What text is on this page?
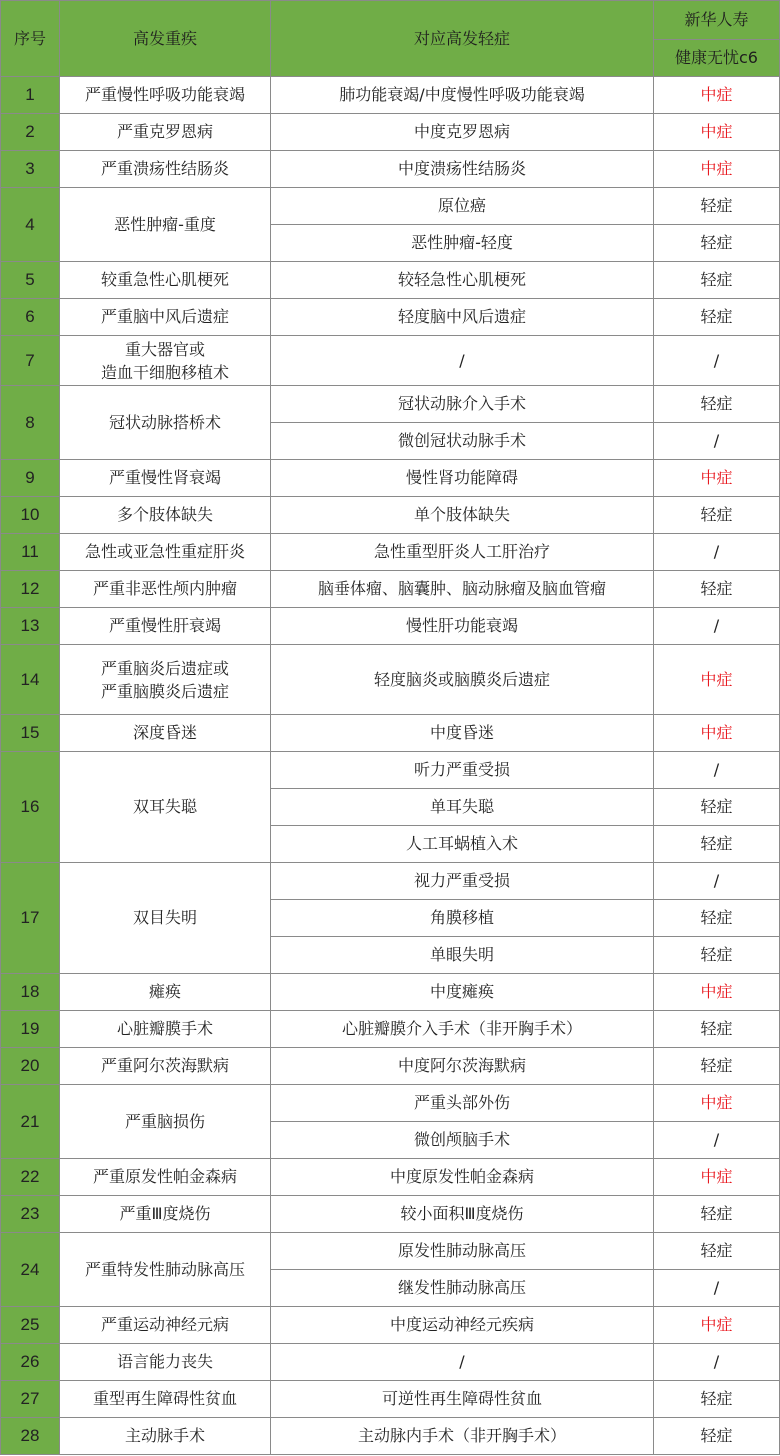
序号	高发重疾	对应高发轻症	新华人寿
			健康无忧c6
1	严重慢性呼吸功能衰竭	肺功能衰竭/中度慢性呼吸功能衰竭	中症
2	严重克罗恩病	中度克罗恩病	中症
3	严重溃疡性结肠炎	中度溃疡性结肠炎	中症
4	恶性肿瘤-重度	原位癌	轻症
		恶性肿瘤-轻度	轻症
5	较重急性心肌梗死	较轻急性心肌梗死	轻症
6	严重脑中风后遗症	轻度脑中风后遗症	轻症
7	重大器官或
造血干细胞移植术	/	/
8	冠状动脉搭桥术	冠状动脉介入手术	轻症
		微创冠状动脉手术	/
9	严重慢性肾衰竭	慢性肾功能障碍	中症
10	多个肢体缺失	单个肢体缺失	轻症
11	急性或亚急性重症肝炎	急性重型肝炎人工肝治疗	/
12	严重非恶性颅内肿瘤	脑垂体瘤、脑囊肿、脑动脉瘤及脑血管瘤	轻症
13	严重慢性肝衰竭	慢性肝功能衰竭	/
14	严重脑炎后遗症或
严重脑膜炎后遗症	轻度脑炎或脑膜炎后遗症	中症
15	深度昏迷	中度昏迷	中症
16	双耳失聪	听力严重受损	/
		单耳失聪	轻症
		人工耳蜗植入术	轻症
17	双目失明	视力严重受损	/
		角膜移植	轻症
		单眼失明	轻症
18	瘫痪	中度瘫痪	中症
19	心脏瓣膜手术	心脏瓣膜介入手术（非开胸手术）	轻症
20	严重阿尔茨海默病	中度阿尔茨海默病	轻症
21	严重脑损伤	严重头部外伤	中症
		微创颅脑手术	/
22	严重原发性帕金森病	中度原发性帕金森病	中症
23	严重Ⅲ度烧伤	较小面积Ⅲ度烧伤	轻症
24	严重特发性肺动脉高压	原发性肺动脉高压	轻症
		继发性肺动脉高压	/
25	严重运动神经元病	中度运动神经元疾病	中症
26	语言能力丧失	/	/
27	重型再生障碍性贫血	可逆性再生障碍性贫血	轻症
28	主动脉手术	主动脉内手术（非开胸手术）	轻症
